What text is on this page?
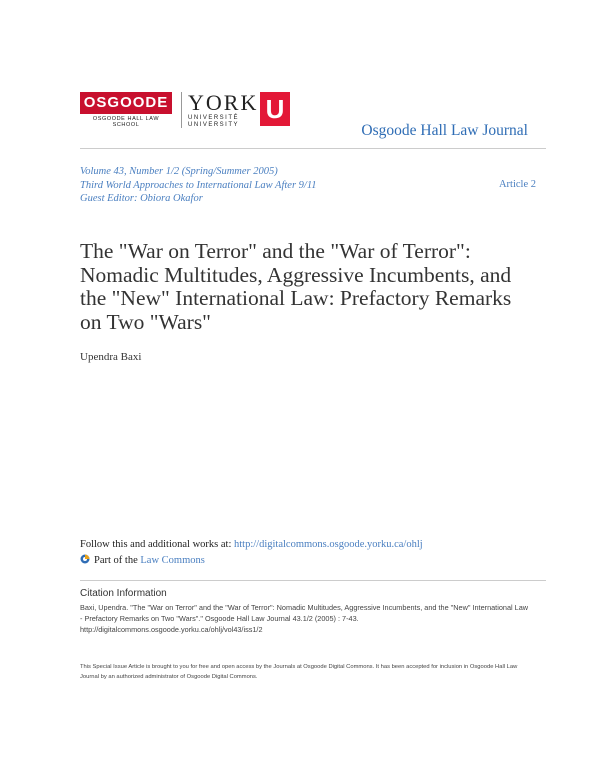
OSGOODE
OSGOODE HALL LAW SCHOOL
YORK U
UNIVERSITÉ
UNIVERSITY	Osgoode Hall Law Journal
Volume 43, Number 1/2 (Spring/Summer 2005)
Third World Approaches to International Law After 9/11
Guest Editor: Obiora Okafor
Article 2
The "War on Terror" and the "War of Terror": Nomadic Multitudes, Aggressive Incumbents, and the "New" International Law: Prefactory Remarks on Two "Wars"
Upendra Baxi
Follow this and additional works at: http://digitalcommons.osgoode.yorku.ca/ohlj
Part of the Law Commons
Citation Information
Baxi, Upendra. "The "War on Terror" and the "War of Terror": Nomadic Multitudes, Aggressive Incumbents, and the "New" International Law - Prefactory Remarks on Two "Wars"." Osgoode Hall Law Journal 43.1/2 (2005) : 7-43. http://digitalcommons.osgoode.yorku.ca/ohlj/vol43/iss1/2
This Special Issue Article is brought to you for free and open access by the Journals at Osgoode Digital Commons. It has been accepted for inclusion in Osgoode Hall Law Journal by an authorized administrator of Osgoode Digital Commons.
